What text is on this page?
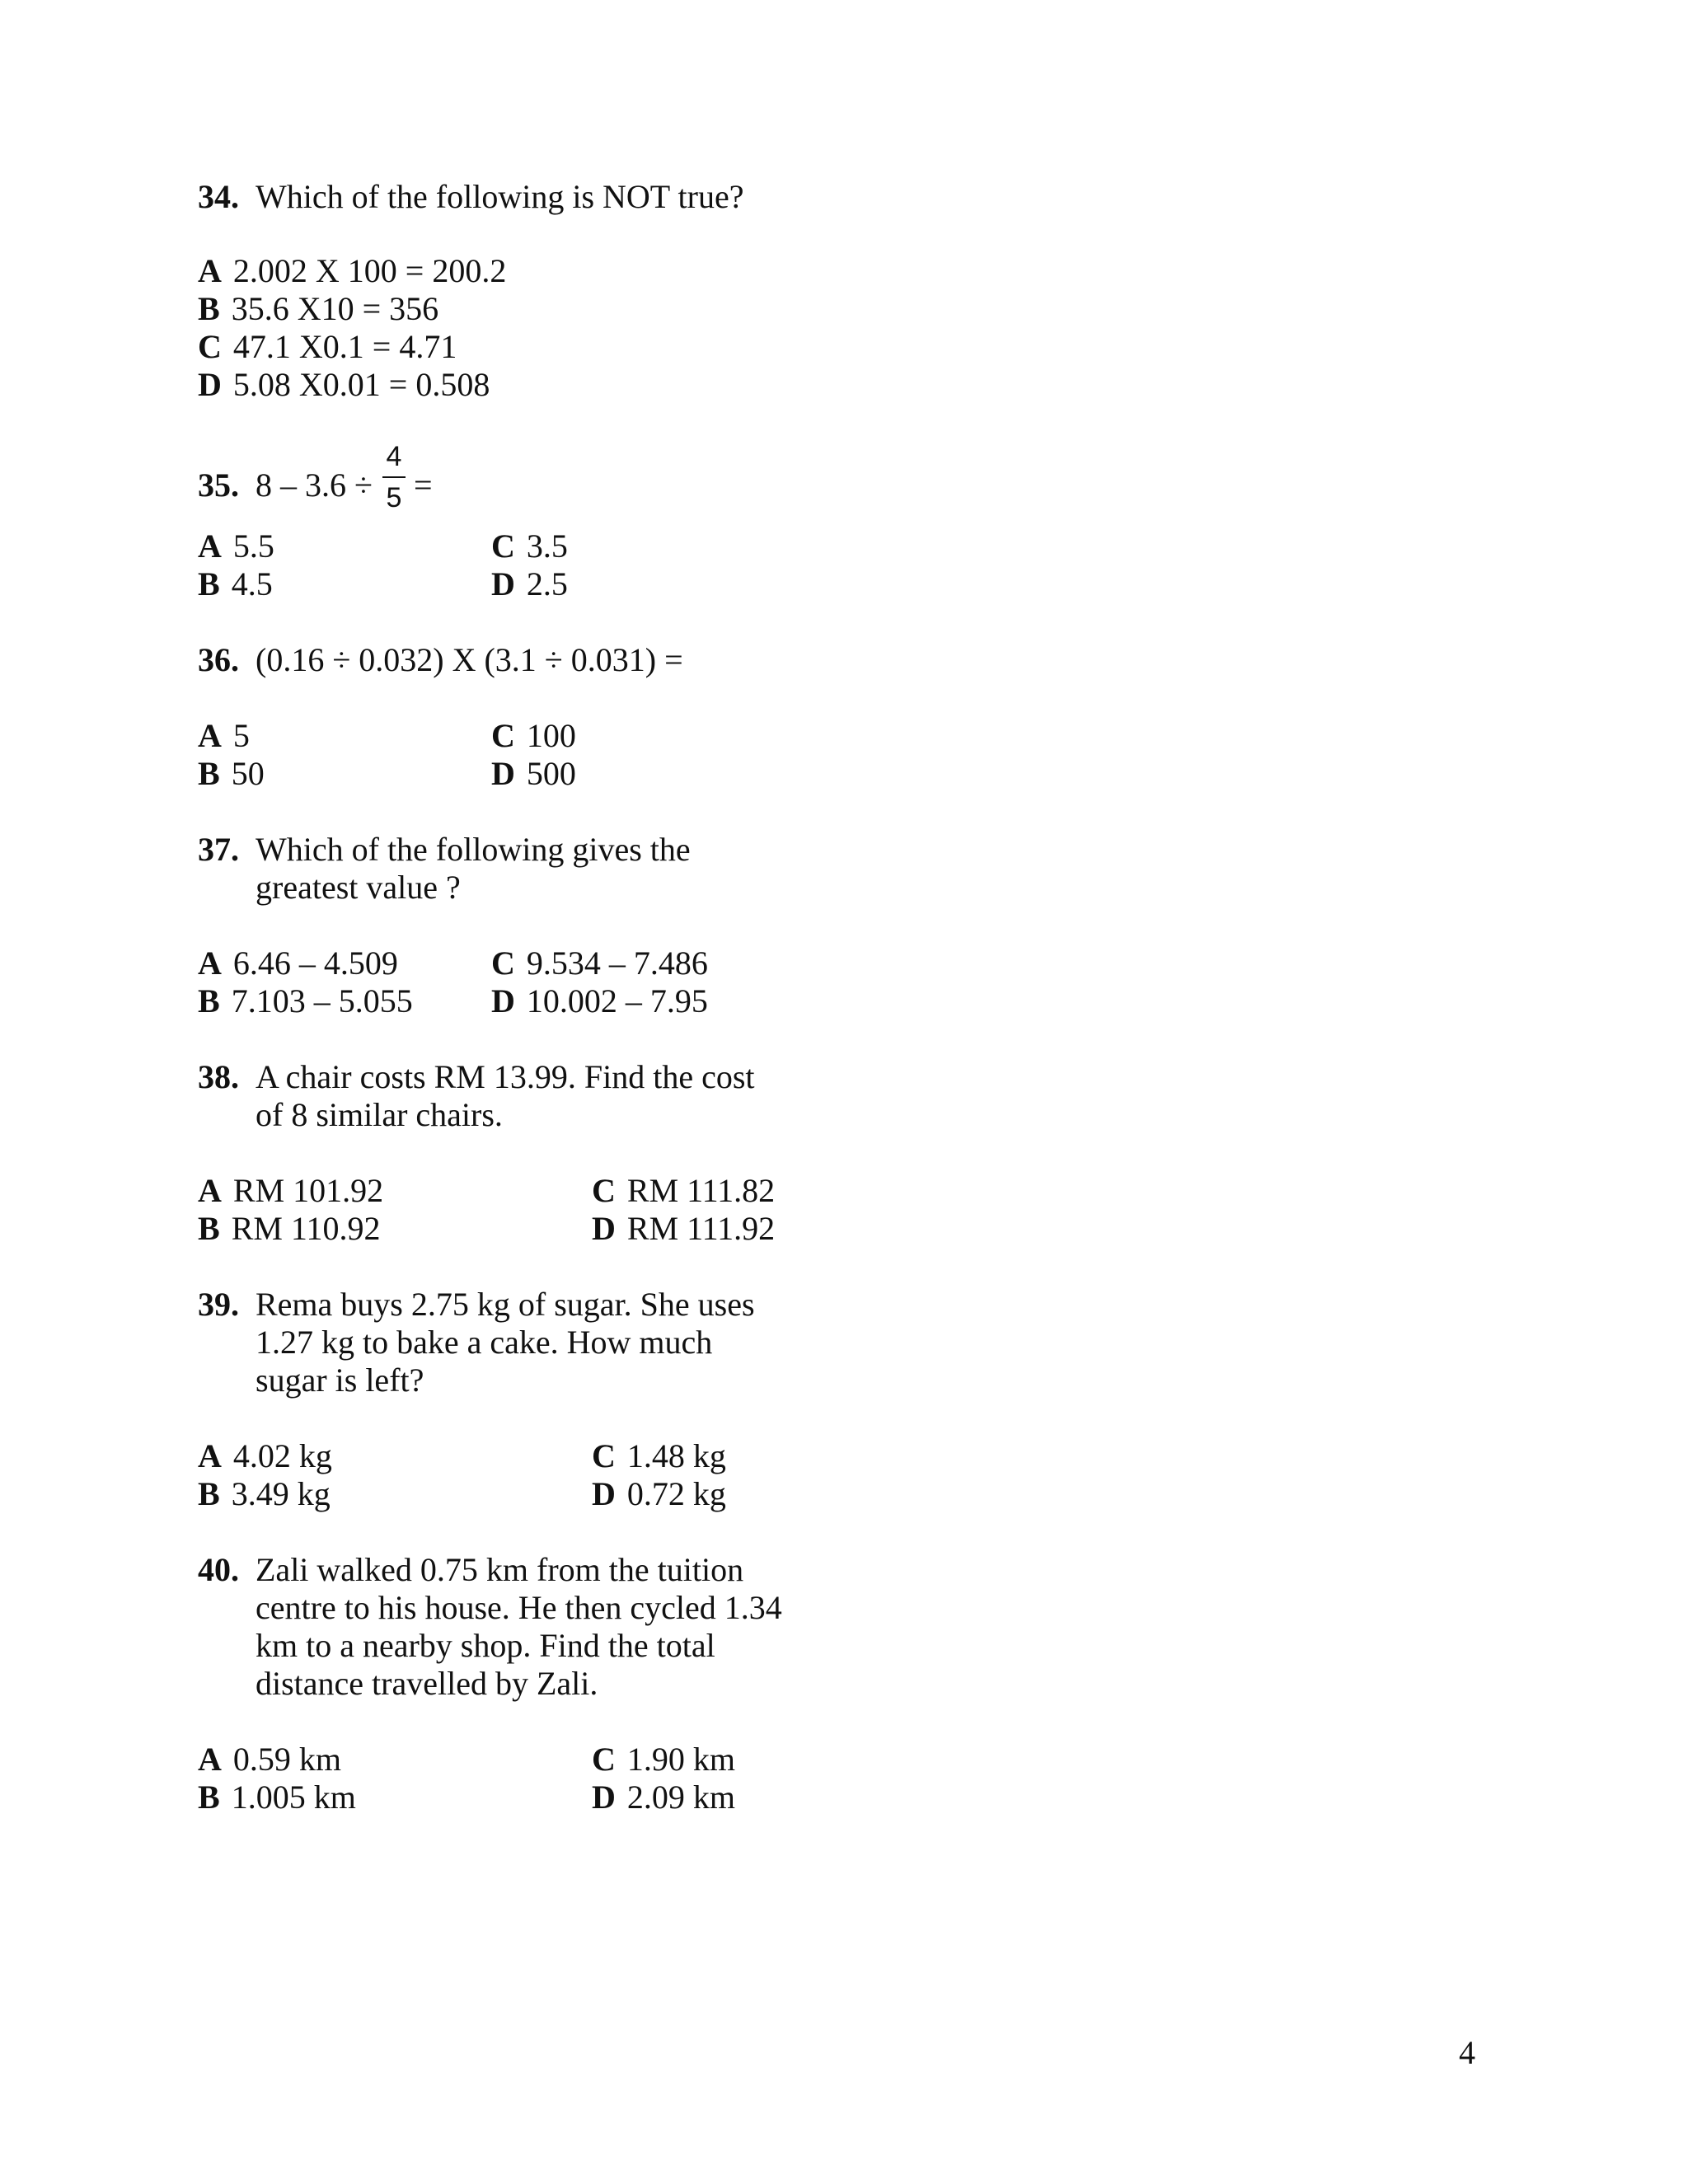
34. Which of the following is NOT true?
A 2.002 X 100 = 200.2
B 35.6 X10 = 356
C 47.1 X0.1 = 4.71
D 5.08 X0.01 = 0.508
35. 8 – 3.6 ÷
4
5 =
A 5.5
B 4.5
C 3.5
D 2.5
36. (0.16 ÷ 0.032) X (3.1 ÷ 0.031) =
A 5
B 50
C 100
D 500
37. Which of the following gives the
greatest value ?
A 6.46 – 4.509
B 7.103 – 5.055
C 9.534 – 7.486
D 10.002 – 7.95
38. A chair costs RM 13.99. Find the cost
of 8 similar chairs.
A RM 101.92
B RM 110.92
C RM 111.82
D RM 111.92
39. Rema buys 2.75 kg of sugar. She uses
1.27 kg to bake a cake. How much
sugar is left?
A 4.02 kg
B 3.49 kg
C 1.48 kg
D 0.72 kg
40. Zali walked 0.75 km from the tuition
centre to his house. He then cycled 1.34
km to a nearby shop. Find the total
distance travelled by Zali.
A 0.59 km
B 1.005 km
C 1.90 km
D 2.09 km
4
